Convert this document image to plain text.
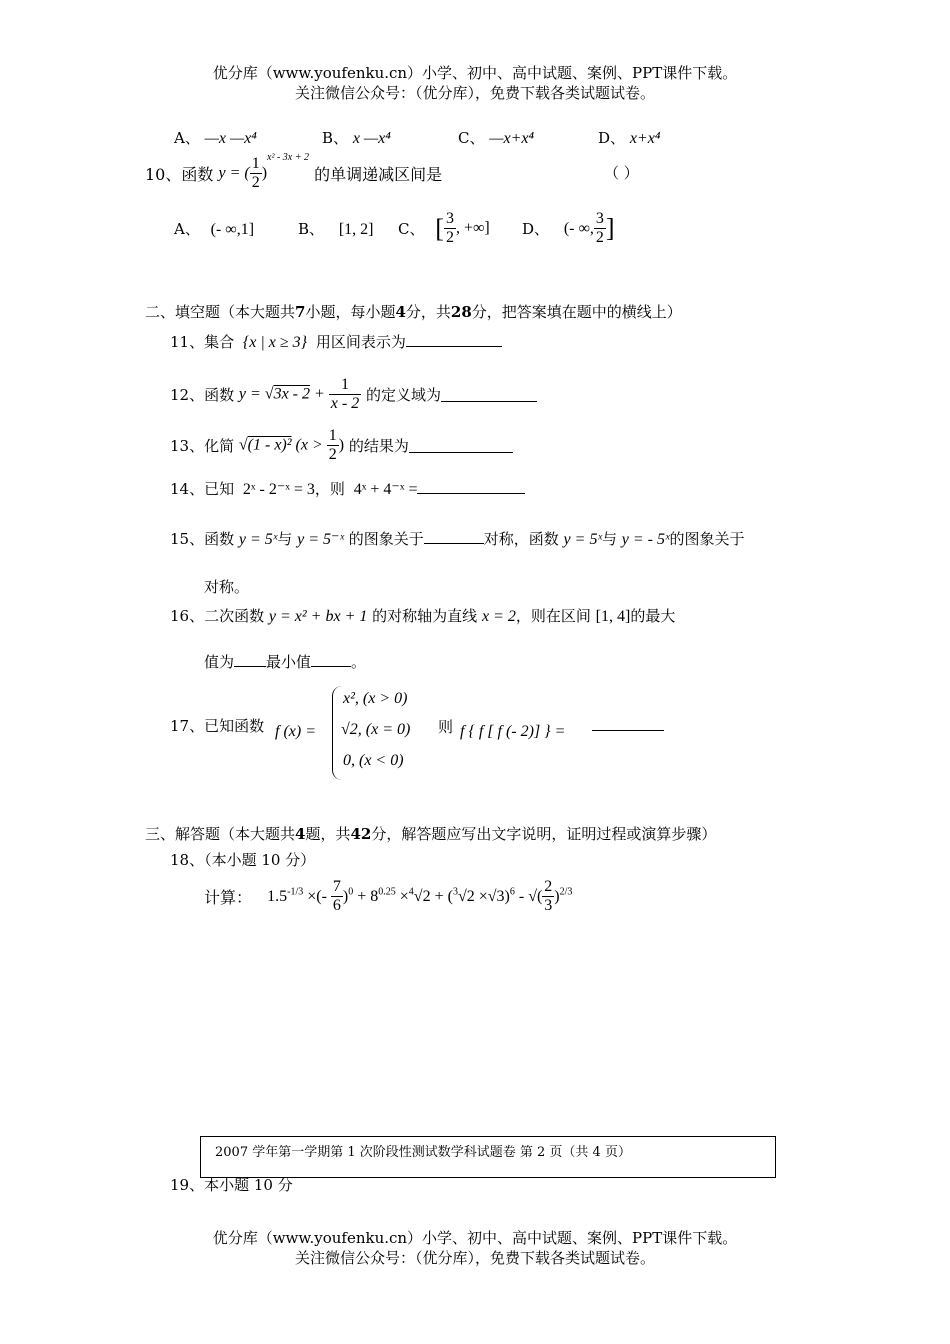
优分库（www.youfenku.cn）小学、初中、高中试题、案例、PPT课件下载。
关注微信公众号：（优分库），免费下载各类试题试卷。
A、 —x —x⁴	B、 x —x⁴	C、 —x+x⁴	D、 x+x⁴
10、函数 y = ( $\frac{1}{2} )^{x^2 - 3x + 2}$ 的单调递减区间是	（ ）
A、 (- ∞,1]	B、 [1, 2] C、 [ $\frac{3}{2}$ , +∞] D、 (- ∞, $\frac{3}{2}$ ]
二、填空题（本大题共7小题，每小题4分，共28分，把答案填在题中的横线上）
11、集合 {x | x ≥ 3} 用区间表示为
12、函数 $y = √3x - 2 + \frac{1}{x - 2}$ 的定义域为
13、化简 √(1 - x)² ($x > \frac{1}{2}$ ) 的结果为
14、已知 2ˣ - 2⁻ˣ = 3，则 4ˣ + 4⁻ˣ =
15、函数 y = 5ˣ与 y = 5⁻ˣ 的图象关于	对称，函数 y = 5ˣ与 y = - 5ˣ的图象关于
对称。
16、二次函数 y = x² + bx + 1 的对称轴为直线 x = 2，则在区间 [1, 4]的最大
值为 最小值	。
17、已知函数 f (x) =
x², (x > 0)
√2, (x = 0)
0, (x < 0)
则 f { f [ f (- 2)] } =
三、解答题（本大题共4题，共42分，解答题应写出文字说明，证明过程或演算步骤）
18、（本小题 10 分）
计算： $1.5^{-1/3}$ ×(- $\frac{7}{6} )^0 + 8^{0.25} \times^4√2 + (^3√2 \times√3)^6$ - √( $\frac{2}{3} )^{2/3}$
2007 学年第一学期第 1 次阶段性测试数学科试题卷 第 2 页（共 4 页）
19、本小题 10 分
优分库（www.youfenku.cn）小学、初中、高中试题、案例、PPT课件下载。
关注微信公众号：（优分库），免费下载各类试题试卷。
